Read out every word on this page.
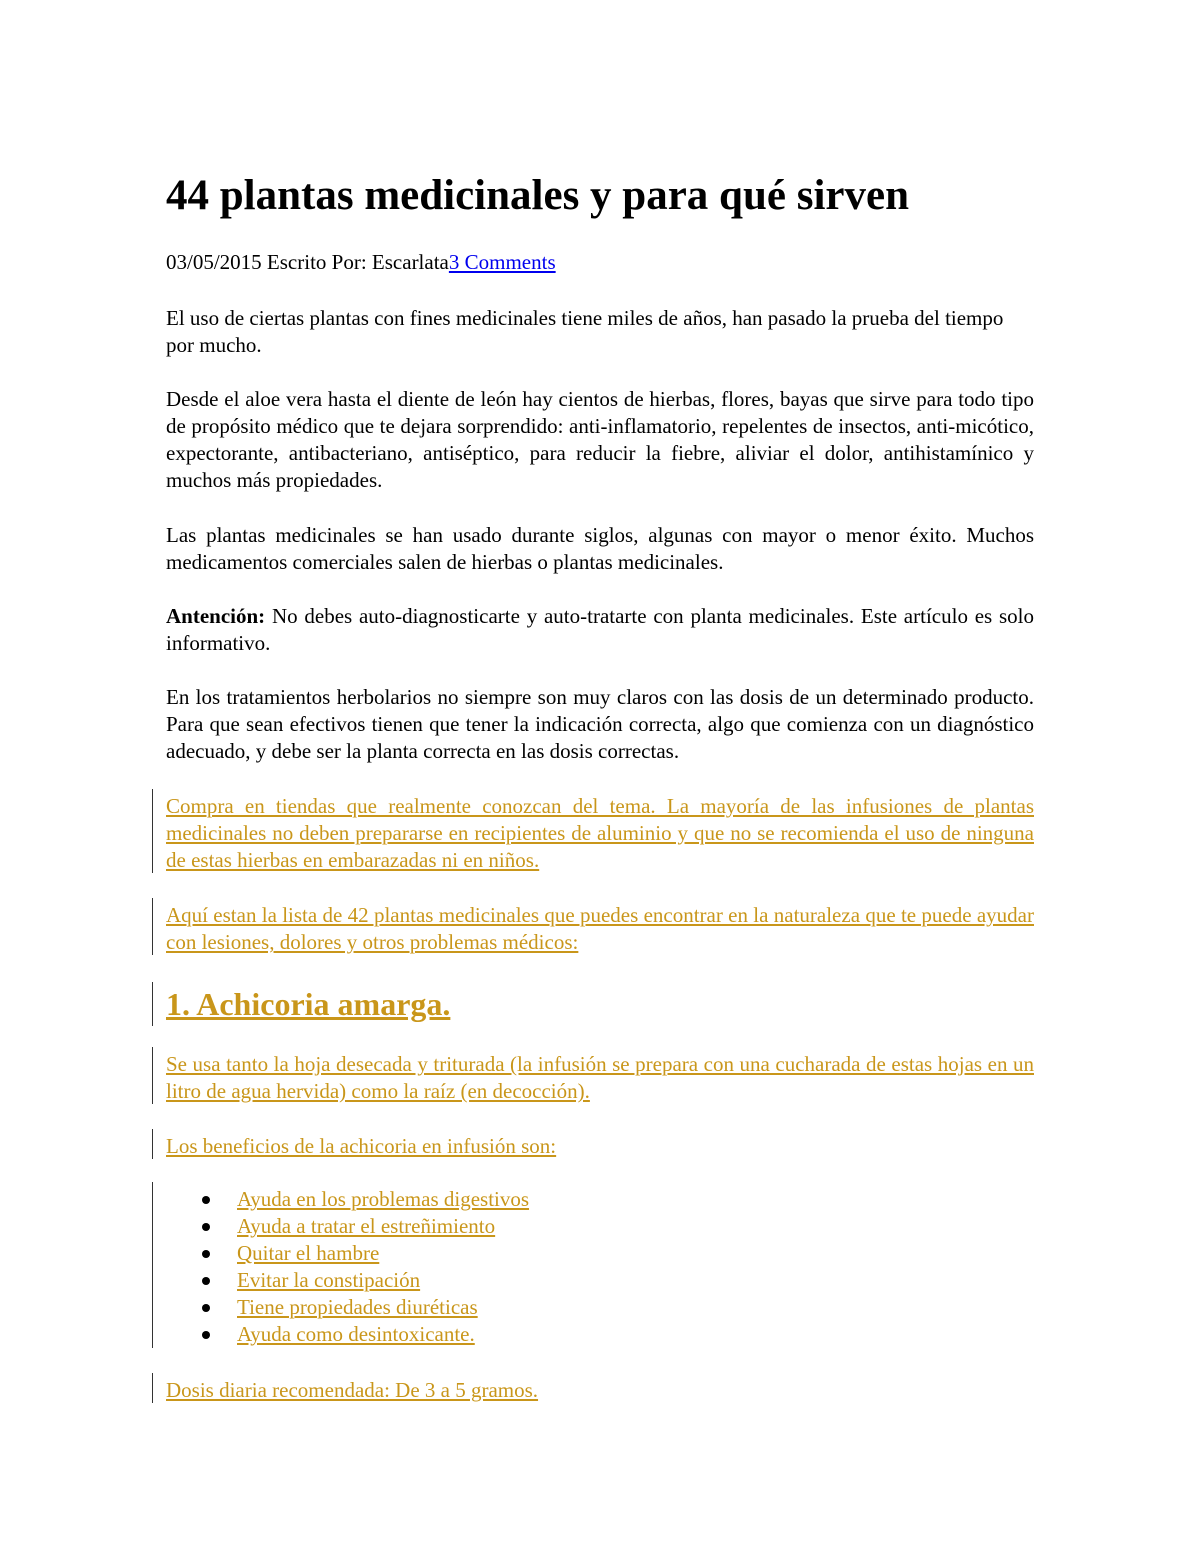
44 plantas medicinales y para qué sirven

03/05/2015 Escrito Por: Escarlata3 Comments

El uso de ciertas plantas con fines medicinales tiene miles de años, han pasado la prueba del tiempo por mucho.

Desde el aloe vera hasta el diente de león hay cientos de hierbas, flores, bayas que sirve para todo tipo de propósito médico que te dejara sorprendido: anti-inflamatorio, repelentes de insectos, anti-micótico, expectorante, antibacteriano, antiséptico, para reducir la fiebre, aliviar el dolor, antihistamínico y muchos más propiedades.

Las plantas medicinales se han usado durante siglos, algunas con mayor o menor éxito. Muchos medicamentos comerciales salen de hierbas o plantas medicinales.

Antención: No debes auto-diagnosticarte y auto-tratarte con planta medicinales. Este artículo es solo informativo.

En los tratamientos herbolarios no siempre son muy claros con las dosis de un determinado producto. Para que sean efectivos tienen que tener la indicación correcta, algo que comienza con un diagnóstico adecuado, y debe ser la planta correcta en las dosis correctas.

Compra en tiendas que realmente conozcan del tema. La mayoría de las infusiones de plantas medicinales no deben prepararse en recipientes de aluminio y que no se recomienda el uso de ninguna de estas hierbas en embarazadas ni en niños.

Aquí estan la lista de 42 plantas medicinales que puedes encontrar en la naturaleza que te puede ayudar con lesiones, dolores y otros problemas médicos:

1. Achicoria amarga.

Se usa tanto la hoja desecada y triturada (la infusión se prepara con una cucharada de estas hojas en un litro de agua hervida) como la raíz (en decocción).

Los beneficios de la achicoria en infusión son:

Ayuda en los problemas digestivos
Ayuda a tratar el estreñimiento
Quitar el hambre
Evitar la constipación
Tiene propiedades diuréticas
Ayuda como desintoxicante.

Dosis diaria recomendada: De 3 a 5 gramos.
